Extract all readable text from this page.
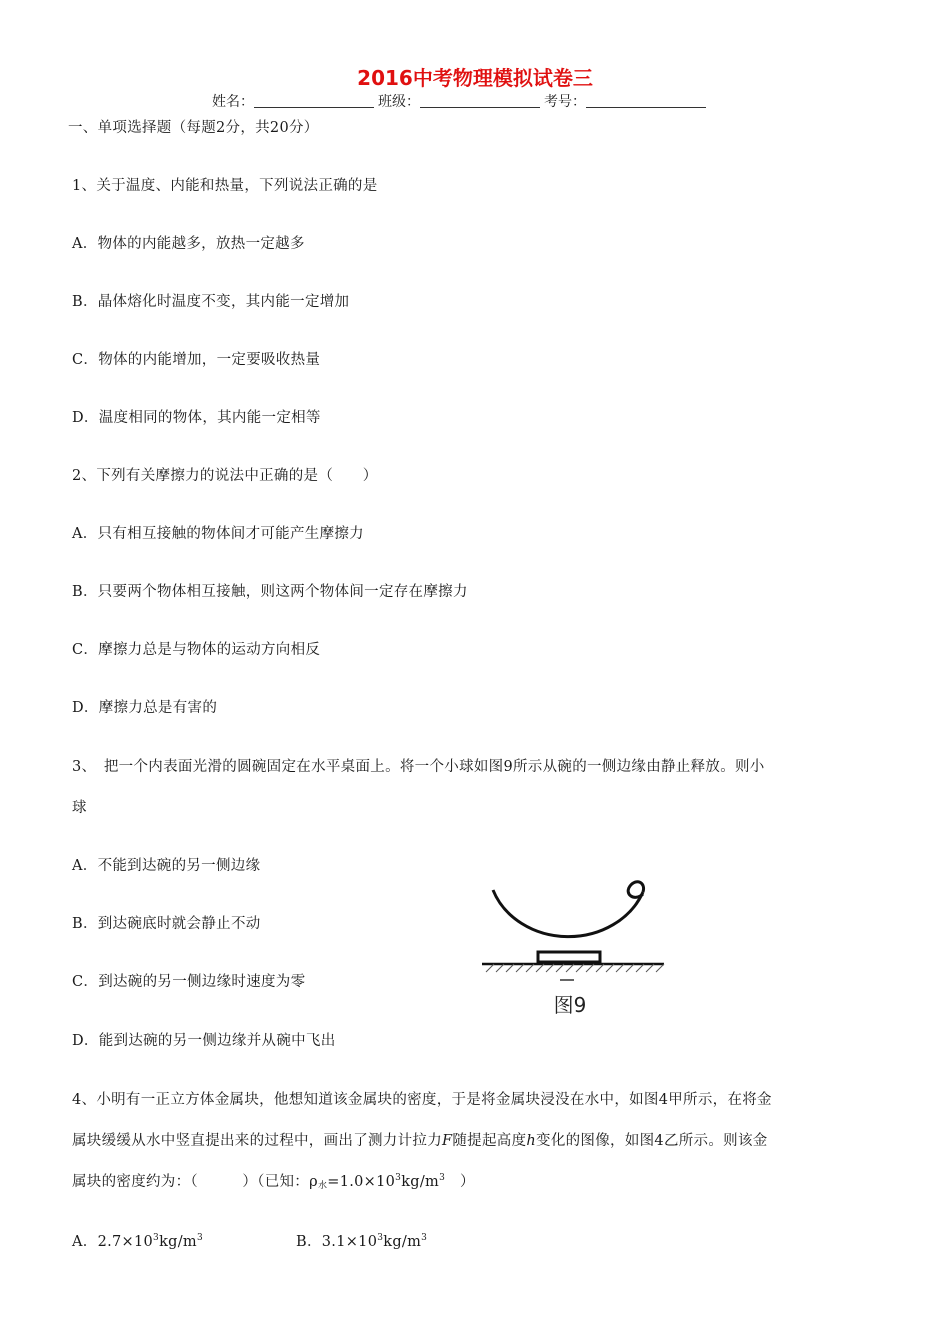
2016中考物理模拟试卷三
姓名：	班级：	考号：
一、单项选择题（每题2分，共20分）
1、关于温度、内能和热量，下列说法正确的是
A．物体的内能越多，放热一定越多
B．晶体熔化时温度不变，其内能一定增加
C．物体的内能增加，一定要吸收热量
D．温度相同的物体，其内能一定相等
2、下列有关摩擦力的说法中正确的是（　　）
A．只有相互接触的物体间才可能产生摩擦力
B．只要两个物体相互接触，则这两个物体间一定存在摩擦力
C．摩擦力总是与物体的运动方向相反
D．摩擦力总是有害的
3、　把一个内表面光滑的圆碗固定在水平桌面上。将一个小球如图9所示从碗的一侧边缘由静止释放。则小
球
A．不能到达碗的另一侧边缘
B．到达碗底时就会静止不动
C．到达碗的另一侧边缘时速度为零
D．能到达碗的另一侧边缘并从碗中飞出
图9
4、小明有一正立方体金属块，他想知道该金属块的密度，于是将金属块浸没在水中，如图4甲所示，在将金
属块缓缓从水中竖直提出来的过程中，画出了测力计拉力F随提起高度h变化的图像，如图4乙所示。则该金
属块的密度约为：（　　　）（已知：$\rho_水=1.0\times 10^3kg/m^3$　）
A．$2.7\times 10^3kg/m^3$	B．$3.1\times 10^3kg/m^3$
